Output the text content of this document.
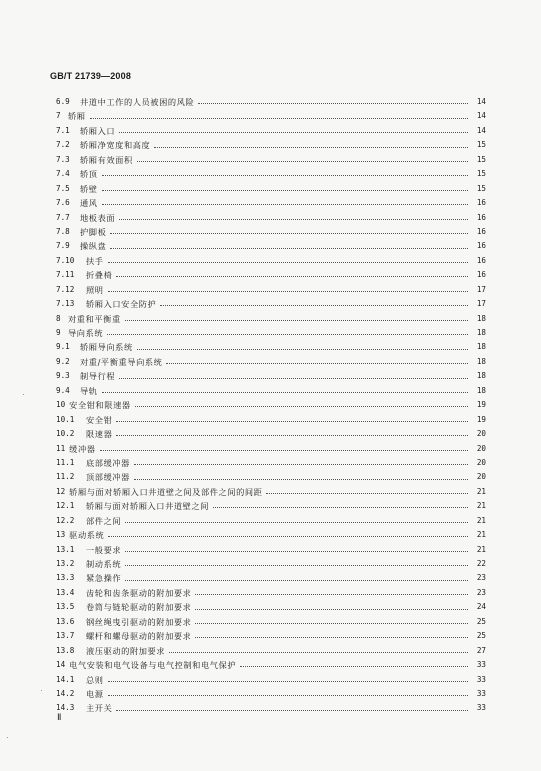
GB/T 21739—2008
6.9	井道中工作的人员被困的风险	14
7 轿厢	14
7.1	轿厢入口	14
7.2	轿厢净宽度和高度	15
7.3	轿厢有效面积	15
7.4	轿顶	15
7.5	轿壁	15
7.6	通风	16
7.7	地板表面	16
7.8	护脚板	16
7.9	操纵盘	16
7.10	扶手	16
7.11	折叠椅	16
7.12	照明	17
7.13	轿厢入口安全防护	17
8 对重和平衡重	18
9 导向系统	18
9.1	轿厢导向系统	18
9.2	对重/平衡重导向系统	18
9.3	制导行程	18
9.4	导轨	18
10 安全钳和限速器	19
10.1	安全钳	19
10.2	限速器	20
11 缓冲器	20
11.1	底部缓冲器	20
11.2	顶部缓冲器	20
12 轿厢与面对轿厢入口井道壁之间及部件之间的间距	21
12.1	轿厢与面对轿厢入口井道壁之间	21
12.2	部件之间	21
13 驱动系统	21
13.1	一般要求	21
13.2	制动系统	22
13.3	紧急操作	23
13.4	齿轮和齿条驱动的附加要求	23
13.5	卷筒与链轮驱动的附加要求	24
13.6	钢丝绳曳引驱动的附加要求	25
13.7	螺杆和螺母驱动的附加要求	25
13.8	液压驱动的附加要求	27
14 电气安装和电气设备与电气控制和电气保护	33
14.1	总则	33
14.2	电源	33
14.3	主开关	33
Ⅱ
